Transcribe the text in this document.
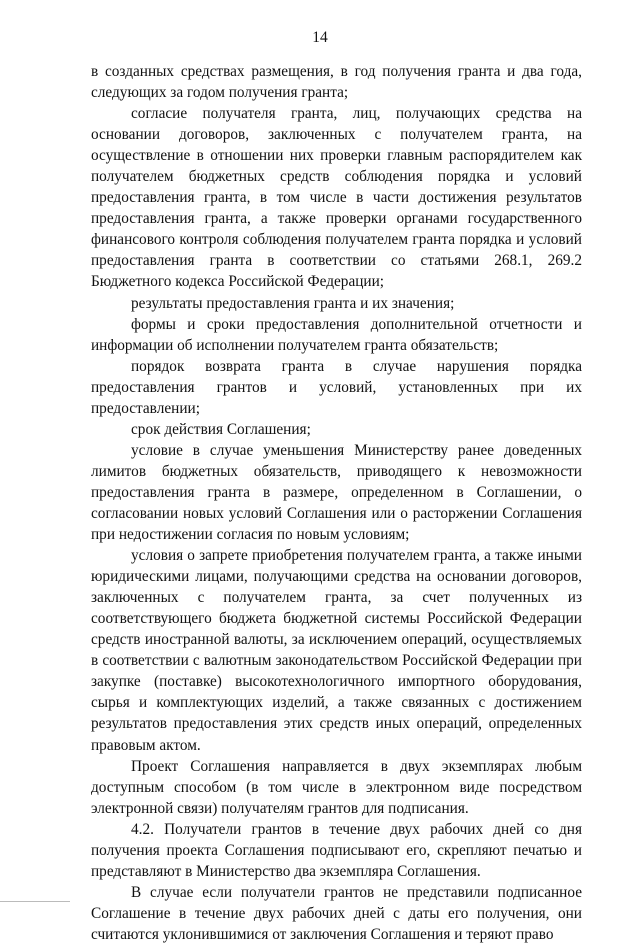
14

в созданных средствах размещения, в год получения гранта и два года, следующих за годом получения гранта;

согласие получателя гранта, лиц, получающих средства на основании договоров, заключенных с получателем гранта, на осуществление в отношении них проверки главным распорядителем как получателем бюджетных средств соблюдения порядка и условий предоставления гранта, в том числе в части достижения результатов предоставления гранта, а также проверки органами государственного финансового контроля соблюдения получателем гранта порядка и условий предоставления гранта в соответствии со статьями 268.1, 269.2 Бюджетного кодекса Российской Федерации;

результаты предоставления гранта и их значения;

формы и сроки предоставления дополнительной отчетности и информации об исполнении получателем гранта обязательств;

порядок возврата гранта в случае нарушения порядка предоставления грантов и условий, установленных при их предоставлении;

срок действия Соглашения;

условие в случае уменьшения Министерству ранее доведенных лимитов бюджетных обязательств, приводящего к невозможности предоставления гранта в размере, определенном в Соглашении, о согласовании новых условий Соглашения или о расторжении Соглашения при недостижении согласия по новым условиям;

условия о запрете приобретения получателем гранта, а также иными юридическими лицами, получающими средства на основании договоров, заключенных с получателем гранта, за счет полученных из соответствующего бюджета бюджетной системы Российской Федерации средств иностранной валюты, за исключением операций, осуществляемых в соответствии с валютным законодательством Российской Федерации при закупке (поставке) высокотехнологичного импортного оборудования, сырья и комплектующих изделий, а также связанных с достижением результатов предоставления этих средств иных операций, определенных правовым актом.

Проект Соглашения направляется в двух экземплярах любым доступным способом (в том числе в электронном виде посредством электронной связи) получателям грантов для подписания.

4.2. Получатели грантов в течение двух рабочих дней со дня получения проекта Соглашения подписывают его, скрепляют печатью и представляют в Министерство два экземпляра Соглашения.

В случае если получатели грантов не представили подписанное Соглашение в течение двух рабочих дней с даты его получения, они считаются уклонившимися от заключения Соглашения и теряют право
